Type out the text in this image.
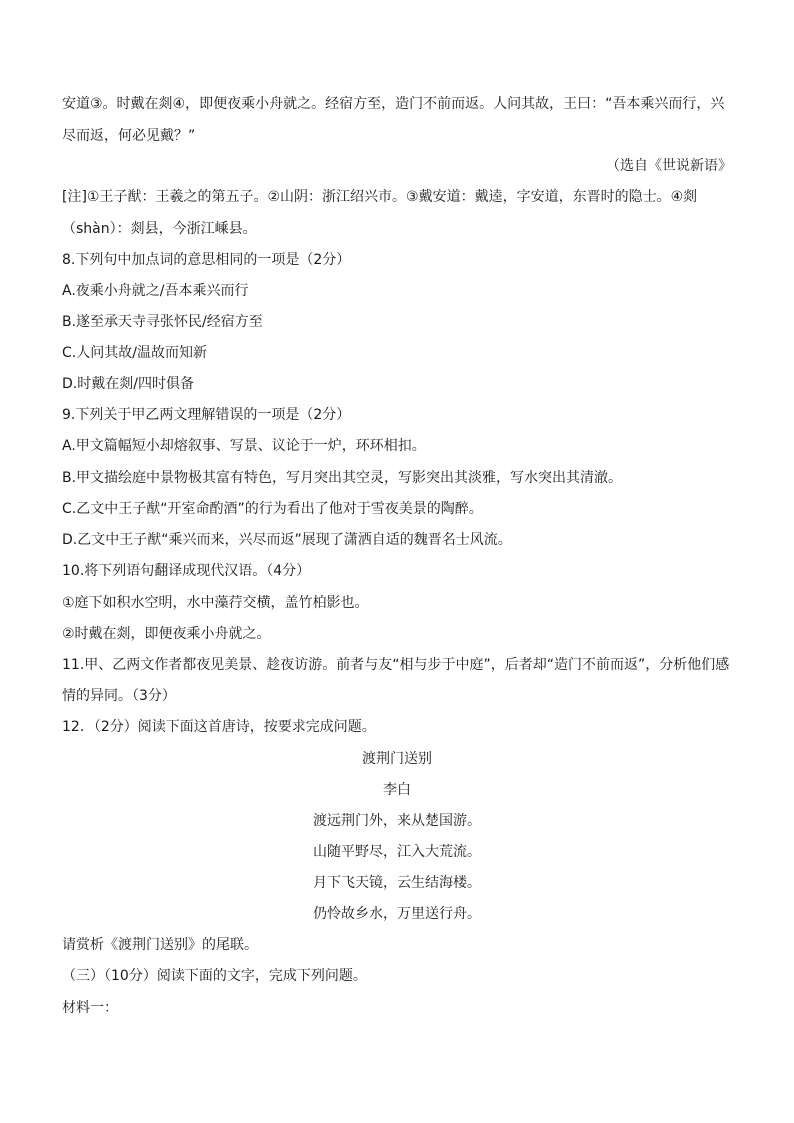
安道③。时戴在剡④，即便夜乘小舟就之。经宿方至，造门不前而返。人问其故，王曰：“吾本乘兴而行，兴
尽而返，何必见戴？”
（选自《世说新语》
[注]①王子猷：王羲之的第五子。②山阴：浙江绍兴市。③戴安道：戴逵，字安道，东晋时的隐士。④剡
（shàn）：剡县，今浙江嵊县。
8.下列句中加点词的意思相同的一项是（2分）
A.夜乘小舟就之/吾本乘兴而行
B.遂至承天寺寻张怀民/经宿方至
C.人问其故/温故而知新
D.时戴在剡/四时俱备
9.下列关于甲乙两文理解错误的一项是（2分）
A.甲文篇幅短小却熔叙事、写景、议论于一炉，环环相扣。
B.甲文描绘庭中景物极其富有特色，写月突出其空灵，写影突出其淡雅，写水突出其清澈。
C.乙文中王子猷“开室命酌酒”的行为看出了他对于雪夜美景的陶醉。
D.乙文中王子猷“乘兴而来，兴尽而返”展现了潇洒自适的魏晋名士风流。
10.将下列语句翻译成现代汉语。（4分）
①庭下如积水空明，水中藻荇交横，盖竹柏影也。
②时戴在剡，即便夜乘小舟就之。
11.甲、乙两文作者都夜见美景、趁夜访游。前者与友“相与步于中庭”，后者却“造门不前而返”，分析他们感
情的异同。（3分）
12．（2分）阅读下面这首唐诗，按要求完成问题。
渡荆门送别
李白
渡远荆门外，来从楚国游。
山随平野尽，江入大荒流。
月下飞天镜，云生结海楼。
仍怜故乡水，万里送行舟。
请赏析《渡荆门送别》的尾联。
（三）（10分）阅读下面的文字，完成下列问题。
材料一：
